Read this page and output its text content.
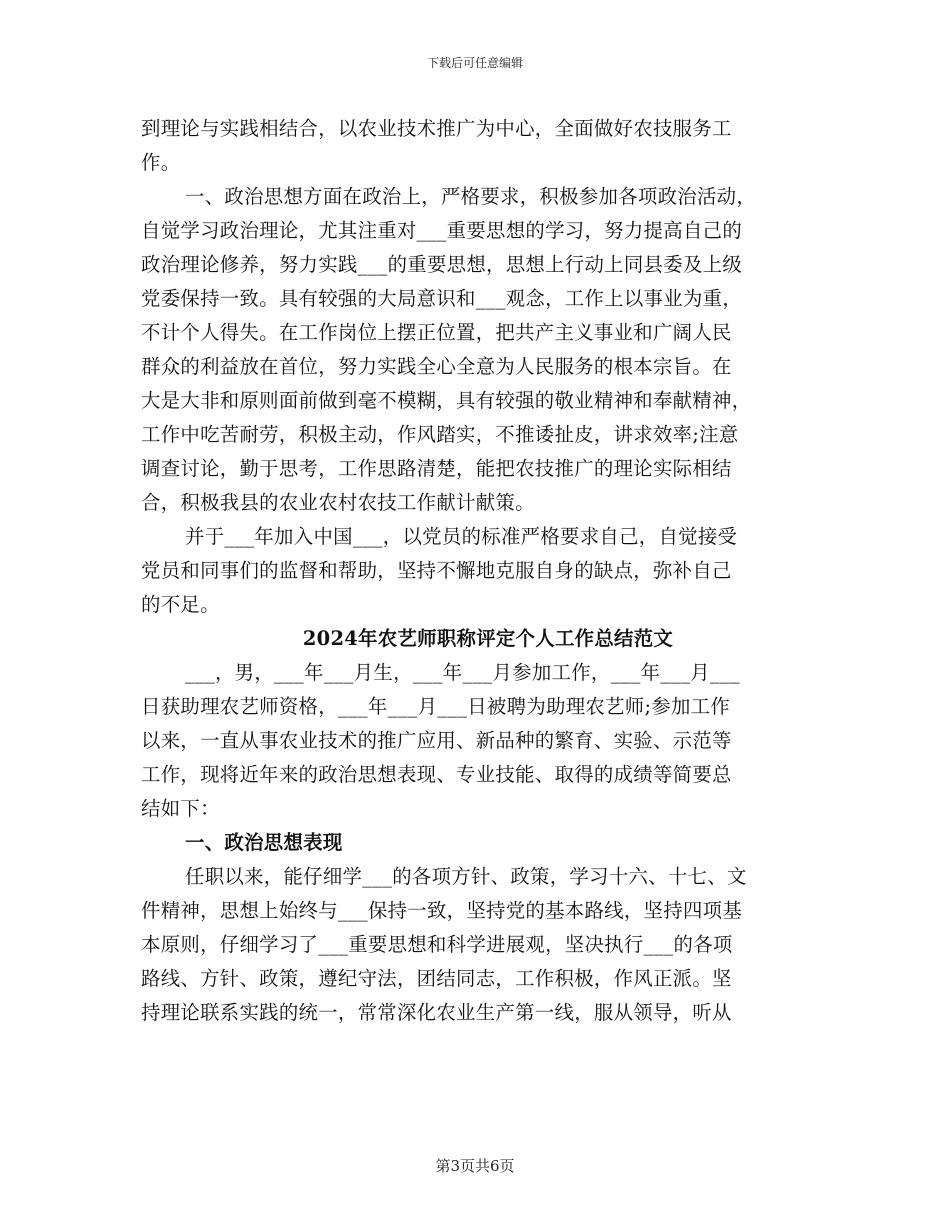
下载后可任意编辑
到理论与实践相结合，以农业技术推广为中心，全面做好农技服务工
作。
一、政治思想方面在政治上，严格要求，积极参加各项政治活动，
自觉学习政治理论，尤其注重对___重要思想的学习，努力提高自己的
政治理论修养，努力实践___的重要思想，思想上行动上同县委及上级
党委保持一致。具有较强的大局意识和___观念，工作上以事业为重，
不计个人得失。在工作岗位上摆正位置，把共产主义事业和广阔人民
群众的利益放在首位，努力实践全心全意为人民服务的根本宗旨。在
大是大非和原则面前做到毫不模糊，具有较强的敬业精神和奉献精神，
工作中吃苦耐劳，积极主动，作风踏实，不推诿扯皮，讲求效率;注意
调查讨论，勤于思考，工作思路清楚，能把农技推广的理论实际相结
合，积极我县的农业农村农技工作献计献策。
并于___年加入中国___，以党员的标准严格要求自己，自觉接受
党员和同事们的监督和帮助，坚持不懈地克服自身的缺点，弥补自己
的不足。
2024年农艺师职称评定个人工作总结范文
___，男，___年___月生，___年___月参加工作，___年___月___
日获助理农艺师资格，___年___月___日被聘为助理农艺师;参加工作
以来，一直从事农业技术的推广应用、新品种的繁育、实验、示范等
工作，现将近年来的政治思想表现、专业技能、取得的成绩等简要总
结如下：
一、政治思想表现
任职以来，能仔细学___的各项方针、政策，学习十六、十七、文
件精神，思想上始终与___保持一致，坚持党的基本路线，坚持四项基
本原则，仔细学习了___重要思想和科学进展观，坚决执行___的各项
路线、方针、政策，遵纪守法，团结同志，工作积极，作风正派。坚
持理论联系实践的统一，常常深化农业生产第一线，服从领导，听从
第3页共6页
